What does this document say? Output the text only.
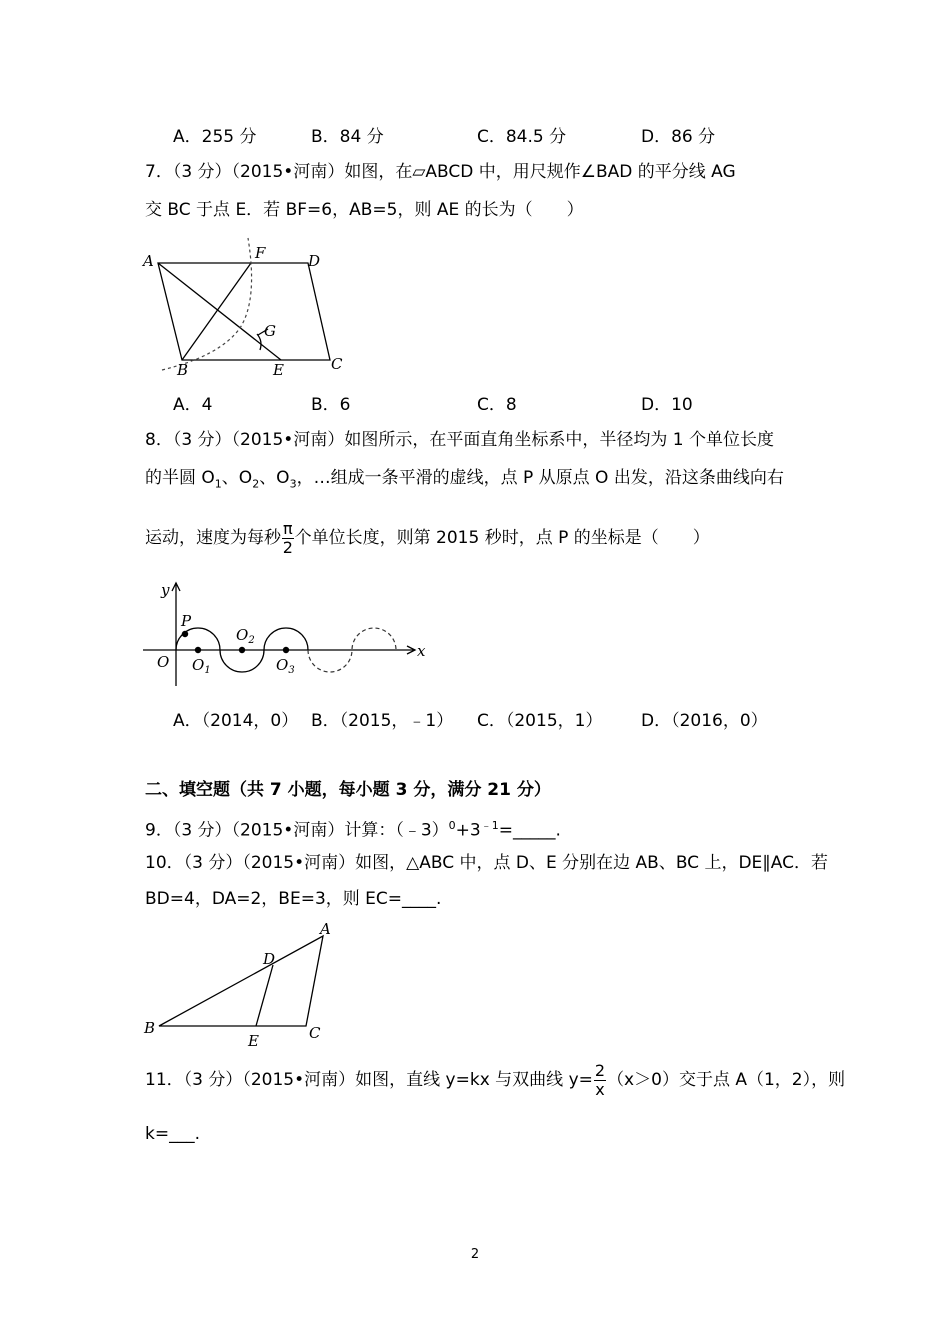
A．255 分	B．84 分	C．84.5 分	D．86 分
7．（3 分）（2015•河南）如图，在▱ABCD 中，用尺规作∠BAD 的平分线 AG
交 BC 于点 E．若 BF=6，AB=5，则 AE 的长为（　　）
A	F	D
G
B	E	C
A．4	B．6	C．8	D．10
8．（3 分）（2015•河南）如图所示，在平面直角坐标系中，半径均为 1 个单位长度
的半圆 $O_1$、$O_2$、$O_3$，…组成一条平滑的虚线，点 P 从原点 O 出发，沿这条曲线向右
运动，速度为每秒 $\frac{\pi}{2}$ 个单位长度，则第 2015 秒时，点 P 的坐标是（　　）
y
x
P
O $O_1$
$O_2$
$O_3$
A．（2014，0） B．（2015，﹣1） C．（2015，1） D．（2016，0）
二、填空题（共 7 小题，每小题 3 分，满分 21 分）
9．（3 分）（2015•河南）计算：$(﹣3)^0+3^{﹣1}=\_\_\_\_\_$.
10．（3 分）（2015•河南）如图，△ABC 中，点 D、E 分别在边 AB、BC 上，DE∥AC．若
BD=4，DA=2，BE=3，则 EC=____.
A
D
B
E	C
11．（3 分）（2015•河南）如图，直线 y=kx 与双曲线 $y= \frac{2}{x} (x>0)$交于点 A（1，2），则
k=___.
2
